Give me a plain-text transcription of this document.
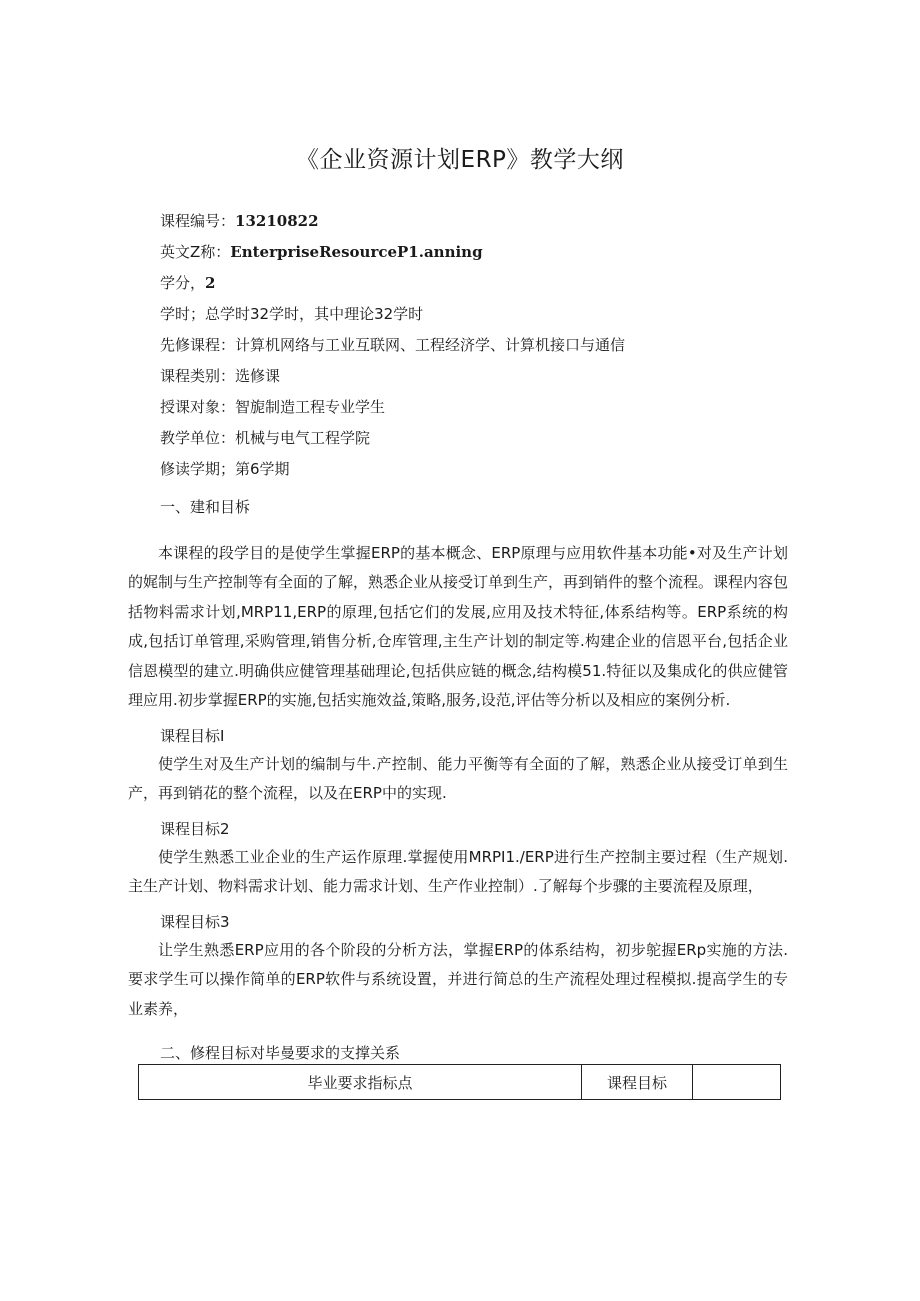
《企业资源计划ERP》教学大纲
课程编号：13210822
英文Z称：EnterpriseResourceP1.anning
学分，2
学时；总学时32学时，其中理论32学时
先修课程：计算机网络与工业互联网、工程经济学、计算机接口与通信
课程类别：选修课
授课对象：智旎制造工程专业学生
教学单位：机械与电气工程学院
修读学期；第6学期
一、建和目柝
本课程的段学目的是使学生掌握ERP的基本概念、ERP原理与应用软件基本功能•对及生产计划的娓制与生产控制等有全面的了解，熟悉企业从接受订单到生产，再到销件的整个流程。课程内容包括物料需求计划,MRP11,ERP的原理,包括它们的发展,应用及技术特征,体系结构等。ERP系统的构成,包括订单管理,采购管理,销售分析,仓库管理,主生产计划的制定等.构建企业的信恩平台,包括企业信恩模型的建立.明确供应健管理基础理论,包括供应链的概念,结构模51.特征以及集成化的供应健管理应用.初步掌握ERP的实施,包括实施效益,策略,服务,设范,评估等分析以及相应的案例分析.
课程目标I
使学生对及生产计划的编制与牛.产控制、能力平衡等有全面的了解，熟悉企业从接受订单到生产，再到销花的整个流程，以及在ERP中的实现.
课程目标2
使学生熟悉工业企业的生产运作原理.掌握使用MRPI1./ERP进行生产控制主要过程（生产规划.主生产计划、物料需求计划、能力需求计划、生产作业控制）.了解每个步骤的主要流程及原理，
课程目标3
让学生熟悉ERP应用的各个阶段的分析方法，掌握ERP的体系结构，初步鸵握ERp实施的方法.要求学生可以操作简单的ERP软件与系统设置，并进行简总的生产流程处理过程模拟.提高学生的专业素养，
二、修程目标对毕曼要求的支撑关系
毕业要求指标点	课程目标	
